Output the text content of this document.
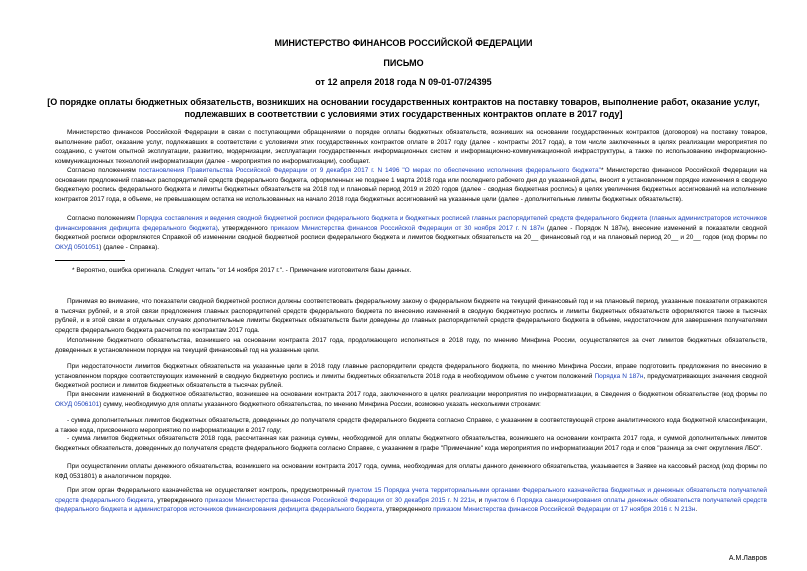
МИНИСТЕРСТВО ФИНАНСОВ РОССИЙСКОЙ ФЕДЕРАЦИИ
ПИСЬМО
от 12 апреля 2018 года N 09-01-07/24395
[О порядке оплаты бюджетных обязательств, возникших на основании государственных контрактов на поставку товаров, выполнение работ, оказание услуг, подлежавших в соответствии с условиями этих государственных контрактов оплате в 2017 году]
Министерство финансов Российской Федерации в связи с поступающими обращениями о порядке оплаты бюджетных обязательств, возникших на основании государственных контрактов (договоров) на поставку товаров, выполнение работ, оказание услуг, подлежавших в соответствии с условиями этих государственных контрактов оплате в 2017 году (далее - контракты 2017 года), в том числе заключенных в целях реализации мероприятия по созданию, с учетом опытной эксплуатации, развитию, модернизации, эксплуатации государственных информационных систем и информационно-коммуникационной инфраструктуры, а также по использованию информационно-коммуникационных технологий информатизации (далее - мероприятия по информатизации), сообщает.
Согласно положениям постановления Правительства Российской Федерации от 9 декабря 2017 г. N 1496 "О мерах по обеспечению исполнения федерального бюджета"* Министерство финансов Российской Федерации на основании предложений главных распорядителей средств федерального бюджета, оформленных не позднее 1 марта 2018 года или последнего рабочего дня до указанной даты, вносит в установленном порядке изменения в сводную бюджетную роспись федерального бюджета и лимиты бюджетных обязательств на 2018 год и плановый период 2019 и 2020 годов (далее - сводная бюджетная роспись) в целях увеличения бюджетных ассигнований на исполнение контрактов 2017 года, в объеме, не превышающем остатка не использованных на начало 2018 года бюджетных ассигнований на указанные цели (далее - дополнительные лимиты бюджетных обязательств).
Согласно положениям Порядка составления и ведения сводной бюджетной росписи федерального бюджета и бюджетных росписей главных распорядителей средств федерального бюджета (главных администраторов источников финансирования дефицита федерального бюджета), утвержденного приказом Министерства финансов Российской Федерации от 30 ноября 2017 г. N 187н (далее - Порядок N 187н), внесение изменений в показатели сводной бюджетной росписи оформляются Справкой об изменении сводной бюджетной росписи федерального бюджета и лимитов бюджетных обязательств на 20__ финансовый год и на плановый период 20__ и 20__ годов (код формы по ОКУД 0501051) (далее - Справка).
* Вероятно, ошибка оригинала. Следует читать "от 14 ноября 2017 г.". - Примечание изготовителя базы данных.
Принимая во внимание, что показатели сводной бюджетной росписи должны соответствовать федеральному закону о федеральном бюджете на текущий финансовый год и на плановый период, указанные показатели отражаются в тысячах рублей, и в этой связи предложения главных распорядителей средств федерального бюджета по внесению изменений в сводную бюджетную роспись и лимиты бюджетных обязательств оформляются также в тысячах рублей, и в этой связи в отдельных случаях дополнительные лимиты бюджетных обязательств были доведены до главных распорядителей средств федерального бюджета в объеме, недостаточном для завершения получателями средств федерального бюджета расчетов по контрактам 2017 года.
Исполнение бюджетного обязательства, возникшего на основании контракта 2017 года, продолжающего исполняться в 2018 году, по мнению Минфина России, осуществляется за счет лимитов бюджетных обязательств, доведенных в установленном порядке на текущий финансовый год на указанные цели.
При недостаточности лимитов бюджетных обязательств на указанные цели в 2018 году главные распорядители средств федерального бюджета, по мнению Минфина России, вправе подготовить предложения по внесению в установленном порядке соответствующих изменений в сводную бюджетную роспись и лимиты бюджетных обязательств 2018 года в необходимом объеме с учетом положений Порядка N 187н, предусматривающих значения сводной бюджетной росписи и лимитов бюджетных обязательств в тысячах рублей.
При внесении изменений в бюджетное обязательство, возникшее на основании контракта 2017 года, заключенного в целях реализации мероприятия по информатизации, в Сведения о бюджетном обязательстве (код формы по ОКУД 0506101) сумму, необходимую для оплаты указанного бюджетного обязательства, по мнению Минфина России, возможно указать несколькими строками:
- сумма дополнительных лимитов бюджетных обязательств, доведенных до получателя средств федерального бюджета согласно Справке, с указанием в соответствующей строке аналитического кода бюджетной классификации, а также кода, присвоенного мероприятию по информатизации в 2017 году;
- сумма лимитов бюджетных обязательств 2018 года, рассчитанная как разница суммы, необходимой для оплаты бюджетного обязательства, возникшего на основании контракта 2017 года, и суммой дополнительных лимитов бюджетных обязательств, доведенных до получателя средств федерального бюджета согласно Справке, с указанием в графе "Примечание" кода мероприятия по информатизации 2017 года и слов "разница за счет округления ЛБО".
При осуществлении оплаты денежного обязательства, возникшего на основании контракта 2017 года, сумма, необходимая для оплаты данного денежного обязательства, указывается в Заявке на кассовый расход (код формы по КФД 0531801) в аналогичном порядке.
При этом орган Федерального казначейства не осуществляет контроль, предусмотренный пунктом 15 Порядка учета территориальными органами Федерального казначейства бюджетных и денежных обязательств получателей средств федерального бюджета, утвержденного приказом Министерства финансов Российской Федерации от 30 декабря 2015 г. N 221н, и пунктом 6 Порядка санкционирования оплаты денежных обязательств получателей средств федерального бюджета и администраторов источников финансирования дефицита федерального бюджета, утвержденного приказом Министерства финансов Российской Федерации от 17 ноября 2016 г. N 213н.
А.М.Лавров
